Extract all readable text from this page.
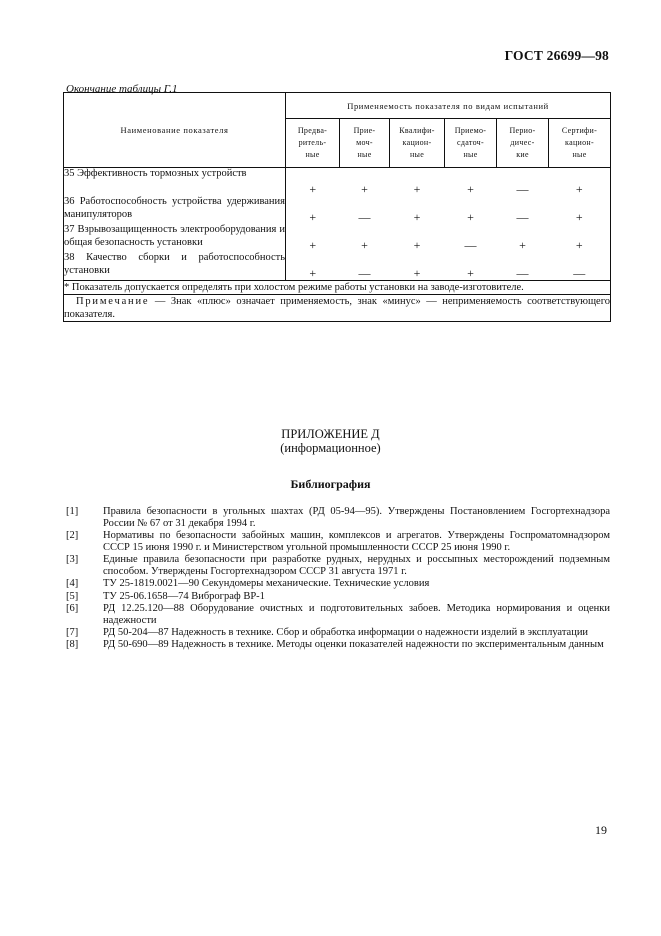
ГОСТ 26699—98
Окончание таблицы Г.1
Наименование показателя	Применяемость показателя по видам испытаний					
	Предва-
ритель-
ные	Прие-
моч-
ные	Квалифи-
кацион-
ные	Приемо-
сдаточ-
ные	Перио-
дичес-
кие	Сертифи-
кацион-
ные
35 Эффективность тормозных устройств	+	+	+	+	—	+
36 Работоспособность устройства удерживания манипуляторов	+	—	+	+	—	+
37 Взрывозащищенность электрооборудования и общая безопасность установки	+	+	+	—	+	+
38 Качество сборки и работоспособность установки	+	—	+	+	—	—
* Показатель допускается определять при холостом режиме работы установки на заводе-изготовителе.						
Примечание — Знак «плюс» означает применяемость, знак «минус» — неприменяемость соответствующего показателя.						
ПРИЛОЖЕНИЕ Д
(информационное)
Библиография
[1]	Правила безопасности в угольных шахтах (РД 05-94—95). Утверждены Постановлением Госгортехнадзора России № 67 от 31 декабря 1994 г.
[2]	Нормативы по безопасности забойных машин, комплексов и агрегатов. Утверждены Госпроматомнадзором СССР 15 июня 1990 г. и Министерством угольной промышленности СССР 25 июня 1990 г.
[3]	Единые правила безопасности при разработке рудных, нерудных и россыпных месторождений подземным способом. Утверждены Госгортехнадзором СССР 31 августа 1971 г.
[4]	ТУ 25-1819.0021—90 Секундомеры механические. Технические условия
[5]	ТУ 25-06.1658—74 Виброграф ВР-1
[6]	РД 12.25.120—88 Оборудование очистных и подготовительных забоев. Методика нормирования и оценки надежности
[7]	РД 50-204—87 Надежность в технике. Сбор и обработка информации о надежности изделий в эксплуатации
[8]	РД 50-690—89 Надежность в технике. Методы оценки показателей надежности по экспериментальным данным
19
